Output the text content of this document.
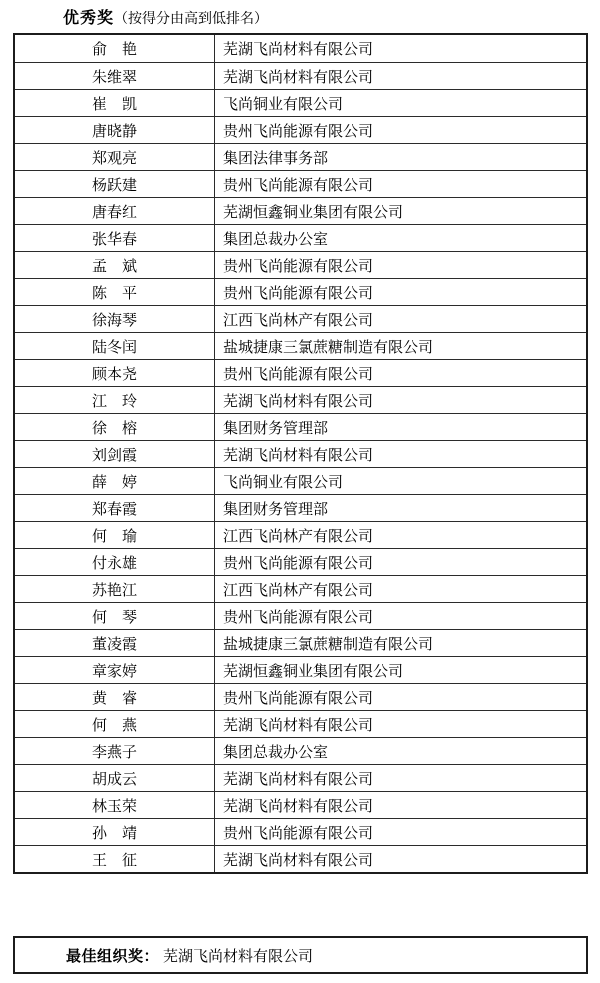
优秀奖（按得分由高到低排名）
俞　艳	芜湖飞尚材料有限公司
朱维翠	芜湖飞尚材料有限公司
崔　凯	飞尚铜业有限公司
唐晓静	贵州飞尚能源有限公司
郑观亮	集团法律事务部
杨跃建	贵州飞尚能源有限公司
唐春红	芜湖恒鑫铜业集团有限公司
张华春	集团总裁办公室
孟　斌	贵州飞尚能源有限公司
陈　平	贵州飞尚能源有限公司
徐海琴	江西飞尚林产有限公司
陆冬闰	盐城捷康三氯蔗糖制造有限公司
顾本尧	贵州飞尚能源有限公司
江　玲	芜湖飞尚材料有限公司
徐　榕	集团财务管理部
刘剑霞	芜湖飞尚材料有限公司
薛　婷	飞尚铜业有限公司
郑春霞	集团财务管理部
何　瑜	江西飞尚林产有限公司
付永雄	贵州飞尚能源有限公司
苏艳江	江西飞尚林产有限公司
何　琴	贵州飞尚能源有限公司
董凌霞	盐城捷康三氯蔗糖制造有限公司
章家婷	芜湖恒鑫铜业集团有限公司
黄　睿	贵州飞尚能源有限公司
何　燕	芜湖飞尚材料有限公司
李燕子	集团总裁办公室
胡成云	芜湖飞尚材料有限公司
林玉荣	芜湖飞尚材料有限公司
孙　靖	贵州飞尚能源有限公司
王　征	芜湖飞尚材料有限公司
最佳组织奖： 芜湖飞尚材料有限公司
